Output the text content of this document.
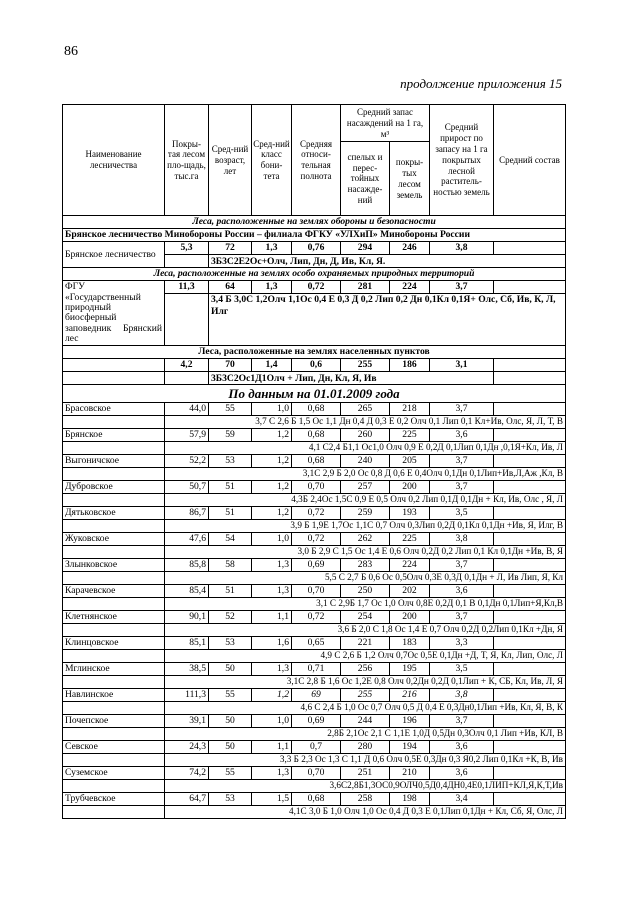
86
продолжение приложения 15
Наименование лесничества	Покры-тая лесом пло-щадь, тыс.га	Сред-ний возраст, лет	Сред-ний класс бони-тета	Средняя относи-тельная полнота	Средний запас насаждений на 1 га, м³		Средний прирост по запасу на 1 га покрытых лесной раститель-ностью земель	Средний состав
					спелых и перес-тойных насажде-ний	покры-тых лесом земель		
Леса, расположенные на землях обороны и безопасности								
Брянское лесничество Минобороны России – филиала ФГКУ «УЛХиП» Минобороны России								
Брянское лесничество	5,3	72	1,3	0,76	294	246	3,8	
		3Б3С2Е2Ос+Олч, Лип, Дн, Д, Ив, Кл, Я.						
Леса, расположенные на землях особо охраняемых природных территорий								
ФГУ «Государственный природный биосферный заповедник Брянский лес	11,3	64	1,3	0,72	281	224	3,7	
		3,4 Б 3,0С 1,2Олч 1,1Ос 0,4 Е 0,3 Д 0,2 Лип 0,2 Дн 0,1Кл 0,1Я+ Олс, Сб, Ив, К, Л, Илг						
Леса, расположенные на землях населенных пунктов								
	4,2	70	1,4	0,6	255	186	3,1	
		3Б3С2Ос1Д1Олч + Лип, Дн, Кл, Я, Ив						
По данным на 01.01.2009 года								
Брасовское	44,0	55	1,0	0,68	265	218	3,7	
	3,7 С 2,6 Б 1,5 Ос 1,1 Дн 0,4 Д 0,3 Е 0,2 Олч 0,1 Лип 0,1 Кл+Ив, Олс, Я, Л, Т, В							
Брянское	57,9	59	1,2	0,68	260	225	3,6	
	4,1 С2,4 Б1,1 Ос1,0 Олч 0,9 Е 0,2Д 0,1Лип 0,1Дн ,0,1Я+Кл, Ив, Л							
Выгоничское	52,2	53	1,2	0,68	240	205	3,7	
	3,1С 2,9 Б 2,0 Ос 0,8 Д 0,6 Е 0,4Олч 0,1Дн 0,1Лип+Ив,Л,Аж ,Кл, В							
Дубровское	50,7	51	1,2	0,70	257	200	3,7	
	4,3Б 2,4Ос 1,5С 0,9 Е 0,5 Олч 0,2 Лип 0,1Д 0,1Дн + Кл, Ив, Олс , Я, Л							
Дятьковское	86,7	51	1,2	0,72	259	193	3,5	
	3,9 Б 1,9Е 1,7Ос 1,1С 0,7 Олч 0,3Лип 0,2Д 0,1Кл 0,1Дн +Ив, Я, Илг, В							
Жуковское	47,6	54	1,0	0,72	262	225	3,8	
	3,0 Б 2,9 С 1,5 Ос 1,4 Е 0,6 Олч 0,2Д 0,2 Лип 0,1 Кл 0,1Дн +Ив, В, Я							
Злынковское	85,8	58	1,3	0,69	283	224	3,7	
	5,5 С 2,7 Б 0,6 Ос 0,5Олч 0,3Е 0,3Д 0,1Дн + Л, Ив Лип, Я, Кл							
Карачевское	85,4	51	1,3	0,70	250	202	3,6	
	3,1 С 2,9Б 1,7 Ос 1,0 Олч 0,8Е 0,2Д 0,1 В 0,1Дн 0,1Лип+Я,Кл,В							
Клетнянское	90,1	52	1,1	0,72	254	200	3,7	
	3,6 Б 2,0 С 1,8 Ос 1,4 Е 0,7 Олч 0,2Д 0,2Лип 0,1Кл +Дн, Я							
Клинцовское	85,1	53	1,6	0,65	221	183	3,3	
	4,9 С 2,6 Б 1,2 Олч 0,7Ос 0,5Е 0,1Дн +Д, Т, Я, Кл, Лип, Олс, Л							
Мглинское	38,5	50	1,3	0,71	256	195	3,5	
	3,1С 2,8 Б 1,6 Ос 1,2Е 0,8 Олч 0,2Дн 0,2Д 0,1Лип + К, СБ, Кл, Ив, Л, Я							
Навлинское	111,3	55	1,2	69	255	216	3,8	
	4,6 С 2,4 Б 1,0 Ос 0,7 Олч 0,5 Д 0,4 Е 0,3Дн0,1Лип +Ив, Кл, Я, В, К							
Почепское	39,1	50	1,0	0,69	244	196	3,7	
	2,8Б 2,1Ос 2,1 С 1,1Е 1,0Д 0,5Дн 0,3Олч 0,1 Лип +Ив, КЛ, В							
Севское	24,3	50	1,1	0,7	280	194	3,6	
	3,3 Б 2,3 Ос 1,3 С 1,1 Д 0,6 Олч 0,5Е 0,3Дн 0,3 Я0,2 Лип 0,1Кл +К, В, Ив							
Суземское	74,2	55	1,3	0,70	251	210	3,6	
	3,6С2,8Б1,3ОС0,9ОЛЧ0,5Д0,4ДН0,4Е0,1ЛИП+КЛ,Я,К,Т,Ив							
Трубчевское	64,7	53	1,5	0,68	258	198	3,4	
	4,1С 3,0 Б 1,0 Олч 1,0 Ос 0,4 Д 0,3 Е 0,1Лип 0,1Дн + Кл, Сб, Я, Олс, Л							
